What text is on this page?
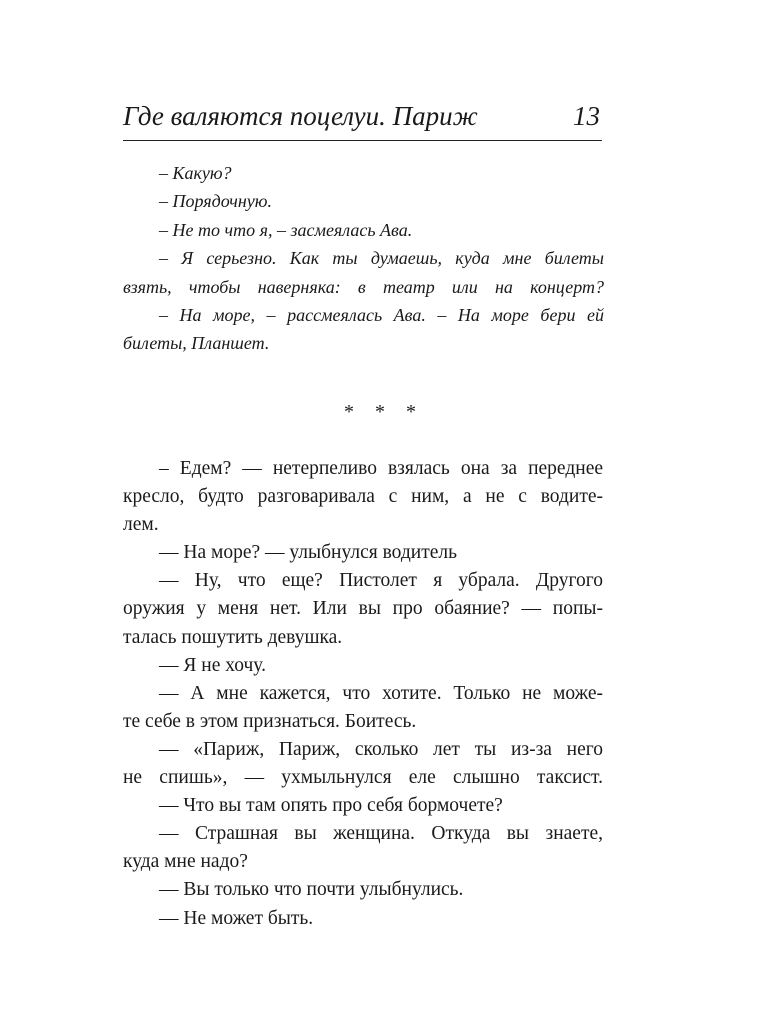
Где валяются поцелуи. Париж	13
– Какую?
– Порядочную.
– Не то что я, – засмеялась Ава.
– Я серьезно. Как ты думаешь, куда мне билеты
взять, чтобы наверняка: в театр или на концерт?
– На море, – рассмеялась Ава. – На море бери ей
билеты, Планшет.
* * *
– Едем? — нетерпеливо взялась она за переднее
кресло, будто разговаривала с ним, а не с водите-
лем.
— На море? — улыбнулся водитель
— Ну, что еще? Пистолет я убрала. Другого
оружия у меня нет. Или вы про обаяние? — попы-
талась пошутить девушка.
— Я не хочу.
— А мне кажется, что хотите. Только не може-
те себе в этом признаться. Боитесь.
— «Париж, Париж, сколько лет ты из-за него
не спишь», — ухмыльнулся еле слышно таксист.
— Что вы там опять про себя бормочете?
— Страшная вы женщина. Откуда вы знаете,
куда мне надо?
— Вы только что почти улыбнулись.
— Не может быть.
